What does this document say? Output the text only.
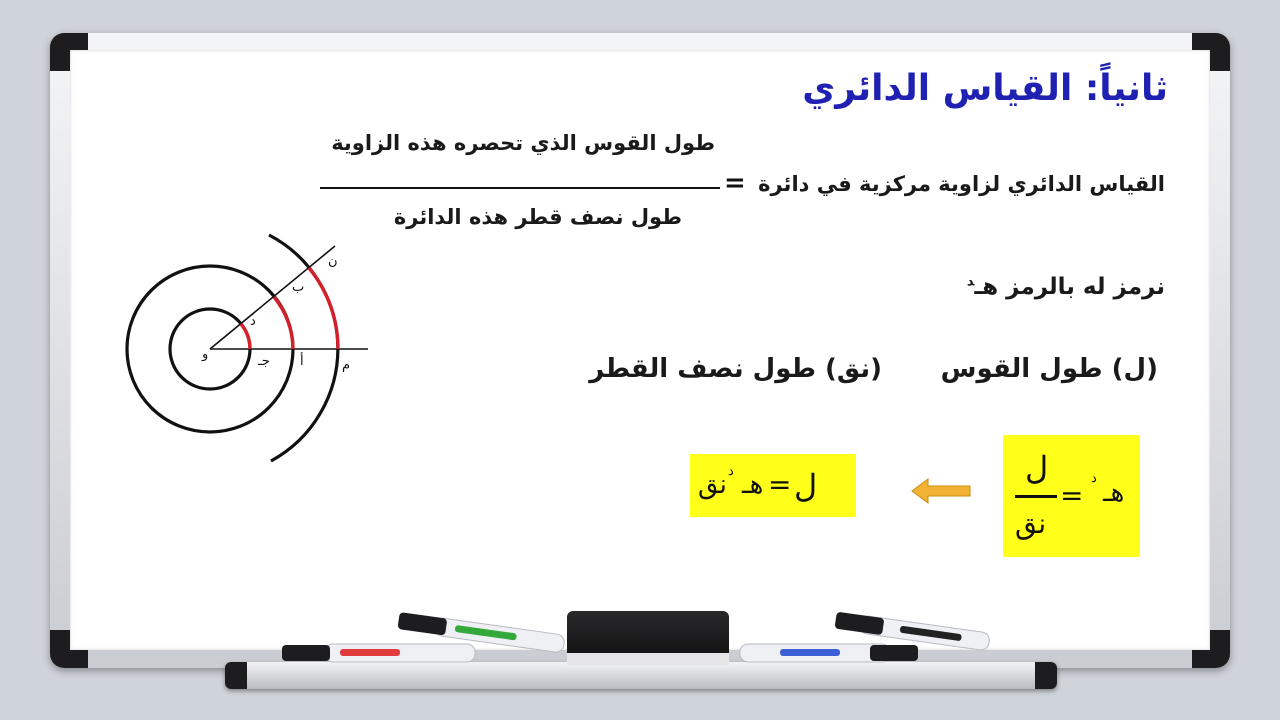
ثانياً: القياس الدائري
طول القوس الذي تحصره هذه الزاوية
طول نصف قطر هذه الدائرة
= القياس الدائري لزاوية مركزية في دائرة
نرمز له بالرمز هـ$^د$
(ل) طول القوس
(نق) طول نصف القطر
و
د
ب
ن
جـ أ	م
ل
=
هـ
د
نق	هـ
د
=
ل
نق
